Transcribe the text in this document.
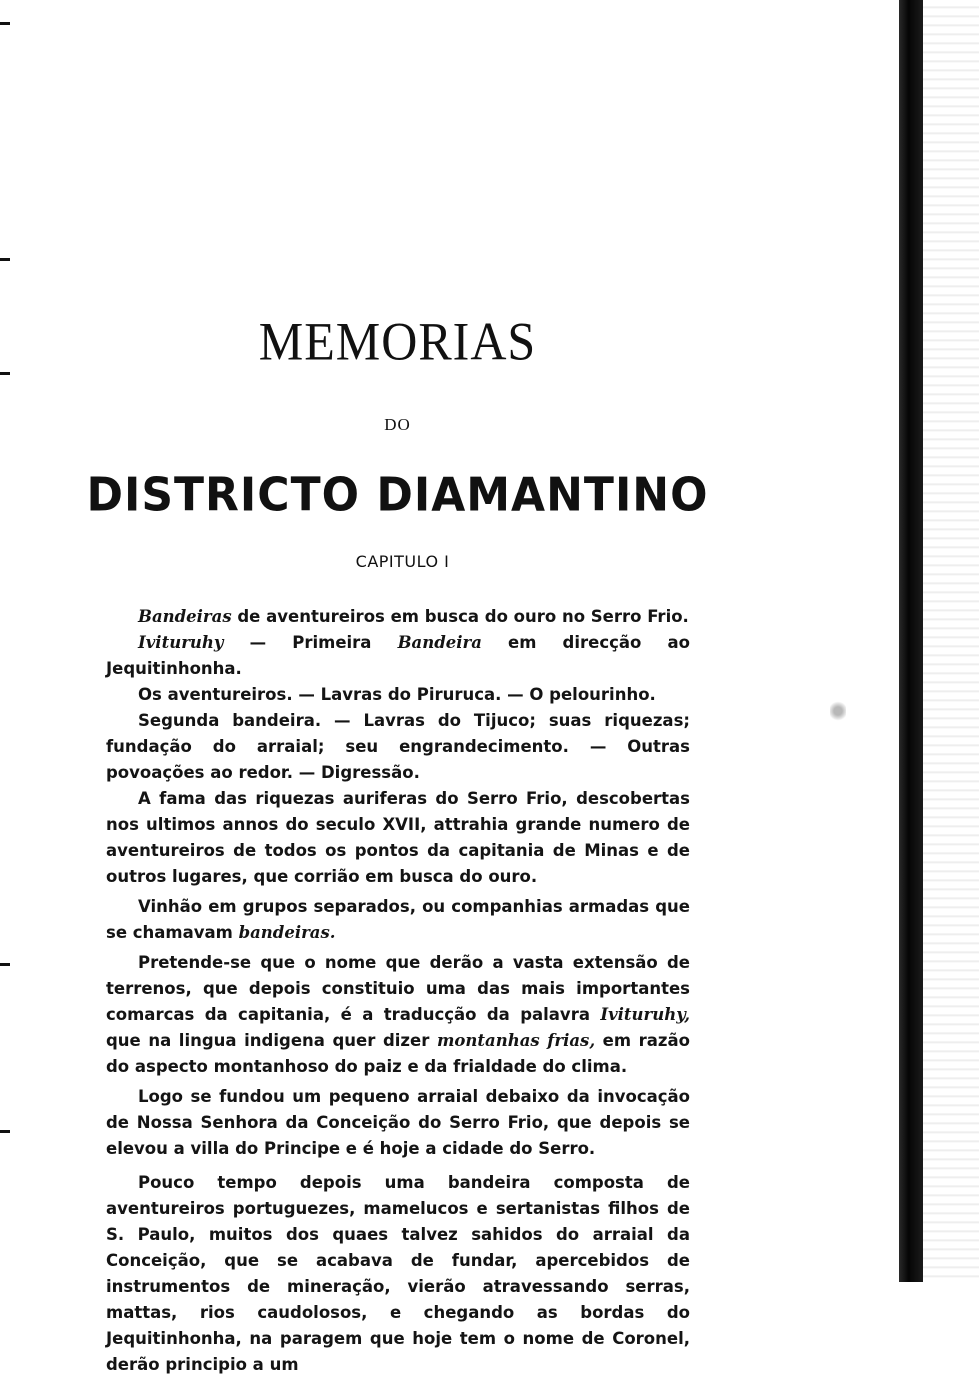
MEMORIAS
DO
DISTRICTO DIAMANTINO
CAPITULO I

Bandeiras de aventureiros em busca do ouro no Serro Frio.

Ivituruhy — Primeira Bandeira em direcção ao Jequitinhonha.

Os aventureiros. — Lavras do Piruruca. — O pelourinho.

Segunda bandeira. — Lavras do Tijuco; suas riquezas; fundação do arraial; seu engrandecimento. — Outras povoações ao redor. — Digressão.

A fama das riquezas auriferas do Serro Frio, descobertas nos ultimos annos do seculo XVII, attrahia grande numero de aventureiros de todos os pontos da capitania de Minas e de outros lugares, que corrião em busca do ouro.

Vinhão em grupos separados, ou companhias armadas que se chamavam bandeiras.

Pretende-se que o nome que derão a vasta extensão de terrenos, que depois constituio uma das mais importantes comarcas da capitania, é a traducção da palavra Ivituruhy, que na lingua indigena quer dizer montanhas frias, em razão do aspecto montanhoso do paiz e da frialdade do clima.

Logo se fundou um pequeno arraial debaixo da invocação de Nossa Senhora da Conceição do Serro Frio, que depois se elevou a villa do Principe e é hoje a cidade do Serro.

Pouco tempo depois uma bandeira composta de aventureiros portuguezes, mamelucos e sertanistas filhos de S. Paulo, muitos dos quaes talvez sahidos do arraial da Conceição, que se acabava de fundar, apercebidos de instrumentos de mineração, vierão atravessando serras, mattas, rios caudolosos, e chegando as bordas do Jequitinhonha, na paragem que hoje tem o nome de Coronel, derão principio a um
